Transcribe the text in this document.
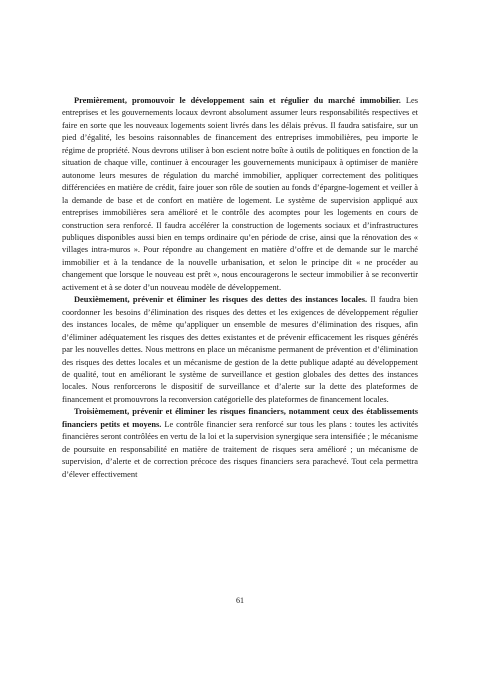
Premièrement, promouvoir le développement sain et régulier du marché immobilier. Les entreprises et les gouvernements locaux devront absolument assumer leurs responsabilités respectives et faire en sorte que les nouveaux logements soient livrés dans les délais prévus. Il faudra satisfaire, sur un pied d’égalité, les besoins raisonnables de financement des entreprises immobilières, peu importe le régime de propriété. Nous devrons utiliser à bon escient notre boîte à outils de politiques en fonction de la situation de chaque ville, continuer à encourager les gouvernements municipaux à optimiser de manière autonome leurs mesures de régulation du marché immobilier, appliquer correctement des politiques différenciées en matière de crédit, faire jouer son rôle de soutien au fonds d’épargne-logement et veiller à la demande de base et de confort en matière de logement. Le système de supervision appliqué aux entreprises immobilières sera amélioré et le contrôle des acomptes pour les logements en cours de construction sera renforcé. Il faudra accélérer la construction de logements sociaux et d’infrastructures publiques disponibles aussi bien en temps ordinaire qu’en période de crise, ainsi que la rénovation des « villages intra-muros ». Pour répondre au changement en matière d’offre et de demande sur le marché immobilier et à la tendance de la nouvelle urbanisation, et selon le principe dit « ne procéder au changement que lorsque le nouveau est prêt », nous encouragerons le secteur immobilier à se reconvertir activement et à se doter d’un nouveau modèle de développement.

Deuxièmement, prévenir et éliminer les risques des dettes des instances locales. Il faudra bien coordonner les besoins d’élimination des risques des dettes et les exigences de développement régulier des instances locales, de même qu’appliquer un ensemble de mesures d’élimination des risques, afin d’éliminer adéquatement les risques des dettes existantes et de prévenir efficacement les risques générés par les nouvelles dettes. Nous mettrons en place un mécanisme permanent de prévention et d’élimination des risques des dettes locales et un mécanisme de gestion de la dette publique adapté au développement de qualité, tout en améliorant le système de surveillance et gestion globales des dettes des instances locales. Nous renforcerons le dispositif de surveillance et d’alerte sur la dette des plateformes de financement et promouvrons la reconversion catégorielle des plateformes de financement locales.

Troisièmement, prévenir et éliminer les risques financiers, notamment ceux des établissements financiers petits et moyens. Le contrôle financier sera renforcé sur tous les plans : toutes les activités financières seront contrôlées en vertu de la loi et la supervision synergique sera intensifiée ; le mécanisme de poursuite en responsabilité en matière de traitement de risques sera amélioré ; un mécanisme de supervision, d’alerte et de correction précoce des risques financiers sera parachevé. Tout cela permettra d’élever effectivement

61
